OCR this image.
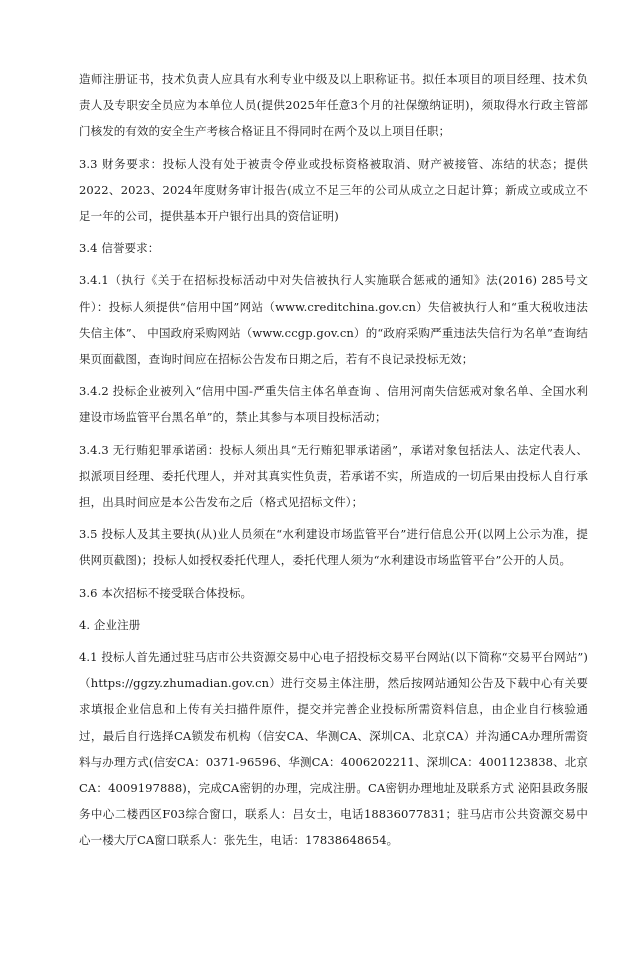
造师注册证书，技术负责人应具有水利专业中级及以上职称证书。拟任本项目的项目经理、技术负责人及专职安全员应为本单位人员(提供2025年任意3个月的社保缴纳证明)，须取得水行政主管部门核发的有效的安全生产考核合格证且不得同时在两个及以上项目任职；

3.3 财务要求：投标人没有处于被责令停业或投标资格被取消、财产被接管、冻结的状态；提供2022、2023、2024年度财务审计报告(成立不足三年的公司从成立之日起计算；新成立或成立不足一年的公司，提供基本开户银行出具的资信证明)

3.4 信誉要求：

3.4.1（执行《关于在招标投标活动中对失信被执行人实施联合惩戒的通知》法(2016) 285号文件）：投标人须提供“信用中国”网站（www.creditchina.gov.cn）失信被执行人和“重大税收违法失信主体”、 中国政府采购网站（www.ccgp.gov.cn）的“政府采购严重违法失信行为名单”查询结果页面截图，查询时间应在招标公告发布日期之后，若有不良记录投标无效；

3.4.2 投标企业被列入“信用中国-严重失信主体名单查询 、信用河南失信惩戒对象名单、全国水利建设市场监管平台黑名单”的，禁止其参与本项目投标活动；

3.4.3 无行贿犯罪承诺函：投标人须出具“无行贿犯罪承诺函”，承诺对象包括法人、法定代表人、拟派项目经理、委托代理人，并对其真实性负责，若承诺不实，所造成的一切后果由投标人自行承担，出具时间应是本公告发布之后（格式见招标文件）；

3.5 投标人及其主要执(从)业人员须在“水利建设市场监管平台”进行信息公开(以网上公示为准，提供网页截图)；投标人如授权委托代理人，委托代理人须为“水利建设市场监管平台”公开的人员。

3.6 本次招标不接受联合体投标。

4. 企业注册

4.1 投标人首先通过驻马店市公共资源交易中心电子招投标交易平台网站(以下简称“交易平台网站”)（https://ggzy.zhumadian.gov.cn）进行交易主体注册，然后按网站通知公告及下载中心有关要求填报企业信息和上传有关扫描件原件，提交并完善企业投标所需资料信息，由企业自行核验通过，最后自行选择CA锁发布机构（信安CA、华测CA、深圳CA、北京CA）并沟通CA办理所需资料与办理方式(信安CA：0371-96596、华测CA：4006202211、深圳CA：4001123838、北京CA：4009197888)，完成CA密钥的办理，完成注册。CA密钥办理地址及联系方式 泌阳县政务服务中心二楼西区F03综合窗口，联系人：吕女士，电话18836077831；驻马店市公共资源交易中心一楼大厅CA窗口联系人：张先生，电话：17838648654。
